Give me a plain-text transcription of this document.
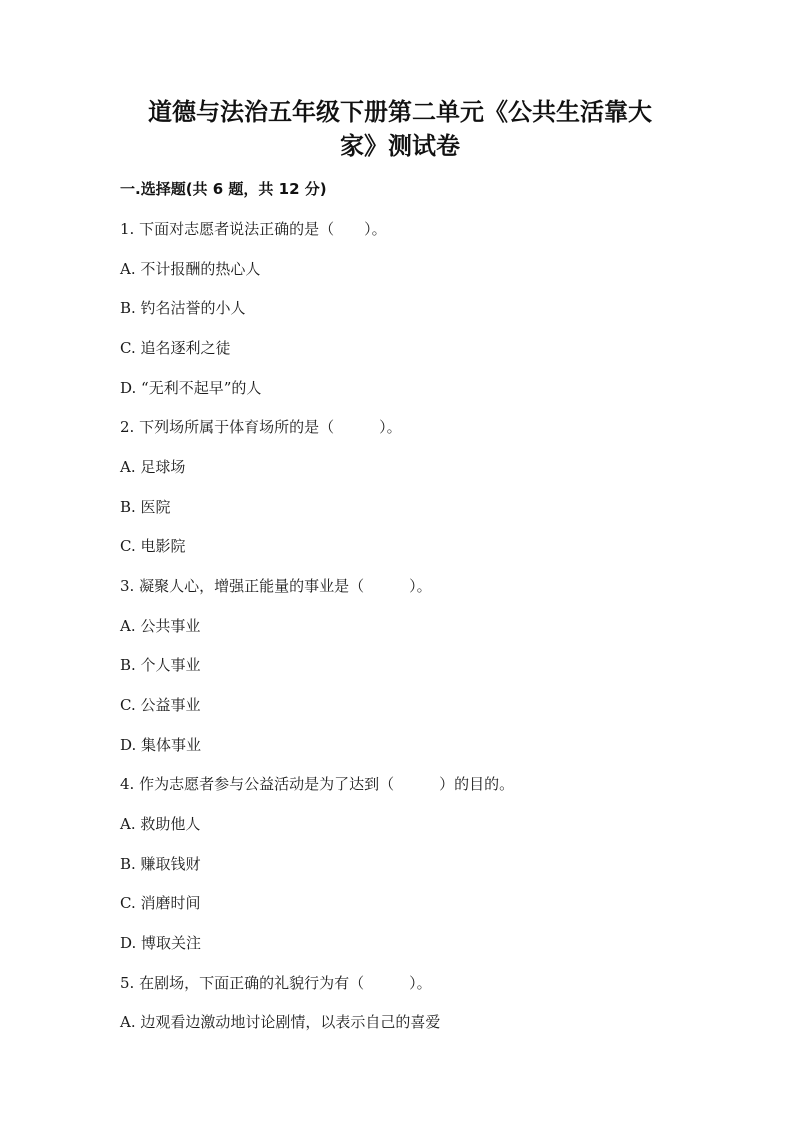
道德与法治五年级下册第二单元《公共生活靠大
家》测试卷
一.选择题(共 6 题，共 12 分)
1. 下面对志愿者说法正确的是（　　）。
A. 不计报酬的热心人
B. 钓名沽誉的小人
C. 追名逐利之徒
D. “无利不起早”的人
2. 下列场所属于体育场所的是（　　　）。
A. 足球场
B. 医院
C. 电影院
3. 凝聚人心，增强正能量的事业是（　　　）。
A. 公共事业
B. 个人事业
C. 公益事业
D. 集体事业
4. 作为志愿者参与公益活动是为了达到（　　　）的目的。
A. 救助他人
B. 赚取钱财
C. 消磨时间
D. 博取关注
5. 在剧场，下面正确的礼貌行为有（　　　）。
A. 边观看边激动地讨论剧情，以表示自己的喜爱
